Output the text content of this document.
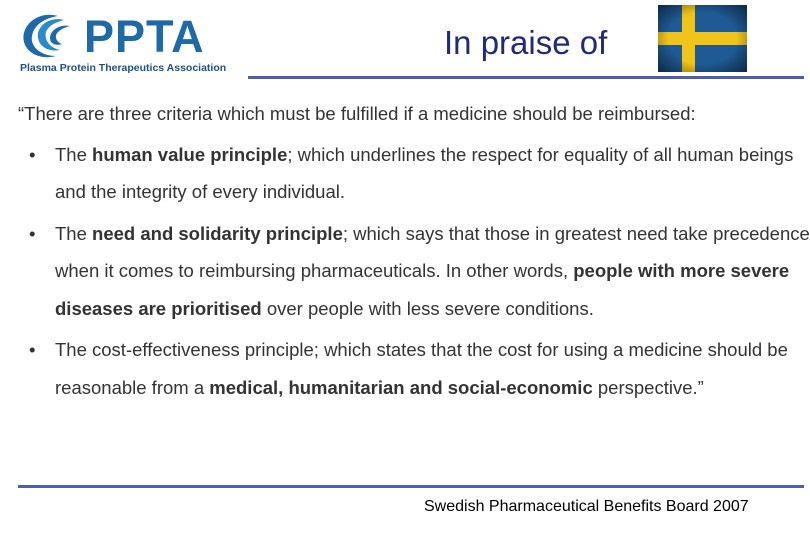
PPTA
Plasma Protein Therapeutics Association
In praise of
“There are three criteria which must be fulfilled if a medicine should be reimbursed:
• The human value principle; which underlines the respect for equality of all human beings and the integrity of every individual.
• The need and solidarity principle; which says that those in greatest need take precedence when it comes to reimbursing pharmaceuticals. In other words, people with more severe diseases are prioritised over people with less severe conditions.
• The cost-effectiveness principle; which states that the cost for using a medicine should be reasonable from a medical, humanitarian and social-economic perspective.”
Swedish Pharmaceutical Benefits Board 2007
